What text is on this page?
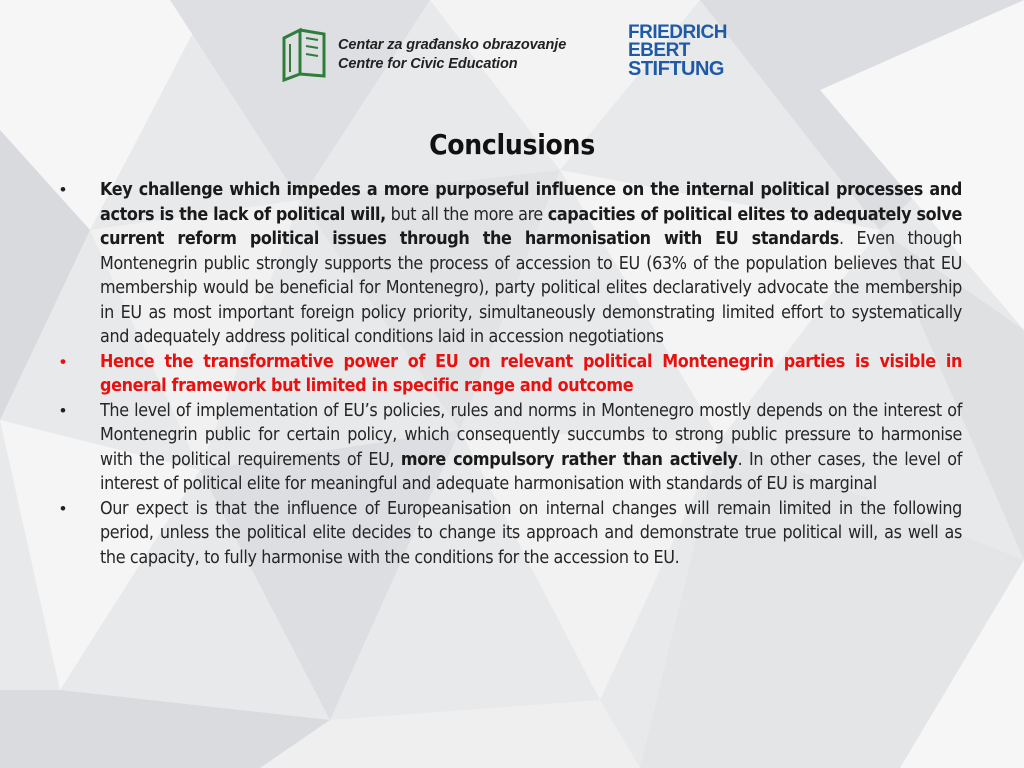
Centar za građansko obrazovanje
Centre for Civic Education
FRIEDRICH
EBERT
STIFTUNG
Conclusions
• Key challenge which impedes a more purposeful influence on the internal political processes and actors is the lack of political will, but all the more are capacities of political elites to adequately solve current reform political issues through the harmonisation with EU standards. Even though Montenegrin public strongly supports the process of accession to EU (63% of the population believes that EU membership would be beneficial for Montenegro), party political elites declaratively advocate the membership in EU as most important foreign policy priority, simultaneously demonstrating limited effort to systematically and adequately address political conditions laid in accession negotiations
• Hence the transformative power of EU on relevant political Montenegrin parties is visible in general framework but limited in specific range and outcome
• The level of implementation of EU’s policies, rules and norms in Montenegro mostly depends on the interest of Montenegrin public for certain policy, which consequently succumbs to strong public pressure to harmonise with the political requirements of EU, more compulsory rather than actively. In other cases, the level of interest of political elite for meaningful and adequate harmonisation with standards of EU is marginal
• Our expect is that the influence of Europeanisation on internal changes will remain limited in the following period, unless the political elite decides to change its approach and demonstrate true political will, as well as the capacity, to fully harmonise with the conditions for the accession to EU.
